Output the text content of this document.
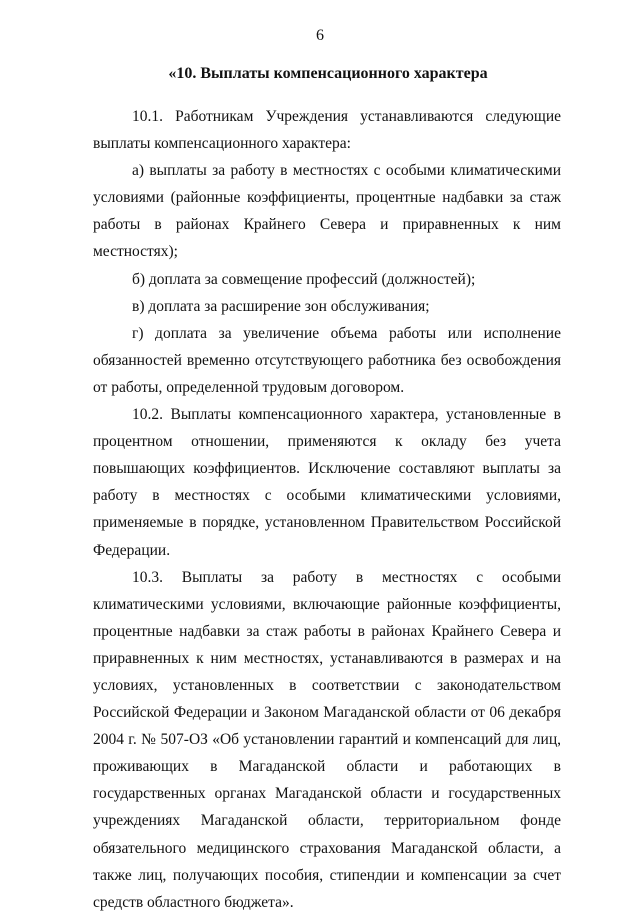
6
«10. Выплаты компенсационного характера

10.1. Работникам Учреждения устанавливаются следующие выплаты компенсационного характера:

а) выплаты за работу в местностях с особыми климатическими условиями (районные коэффициенты, процентные надбавки за стаж работы в районах Крайнего Севера и приравненных к ним местностях);

б) доплата за совмещение профессий (должностей);

в) доплата за расширение зон обслуживания;

г) доплата за увеличение объема работы или исполнение обязанностей временно отсутствующего работника без освобождения от работы, определенной трудовым договором.

10.2. Выплаты компенсационного характера, установленные в процентном отношении, применяются к окладу без учета повышающих коэффициентов. Исключение составляют выплаты за работу в местностях с особыми климатическими условиями, применяемые в порядке, установленном Правительством Российской Федерации.

10.3. Выплаты за работу в местностях с особыми климатическими условиями, включающие районные коэффициенты, процентные надбавки за стаж работы в районах Крайнего Севера и приравненных к ним местностях, устанавливаются в размерах и на условиях, установленных в соответствии с законодательством Российской Федерации и Законом Магаданской области от 06 декабря 2004 г. № 507-ОЗ «Об установлении гарантий и компенсаций для лиц, проживающих в Магаданской области и работающих в государственных органах Магаданской области и государственных учреждениях Магаданской области, территориальном фонде обязательного медицинского страхования Магаданской области, а также лиц, получающих пособия, стипендии и компенсации за счет средств областного бюджета».
